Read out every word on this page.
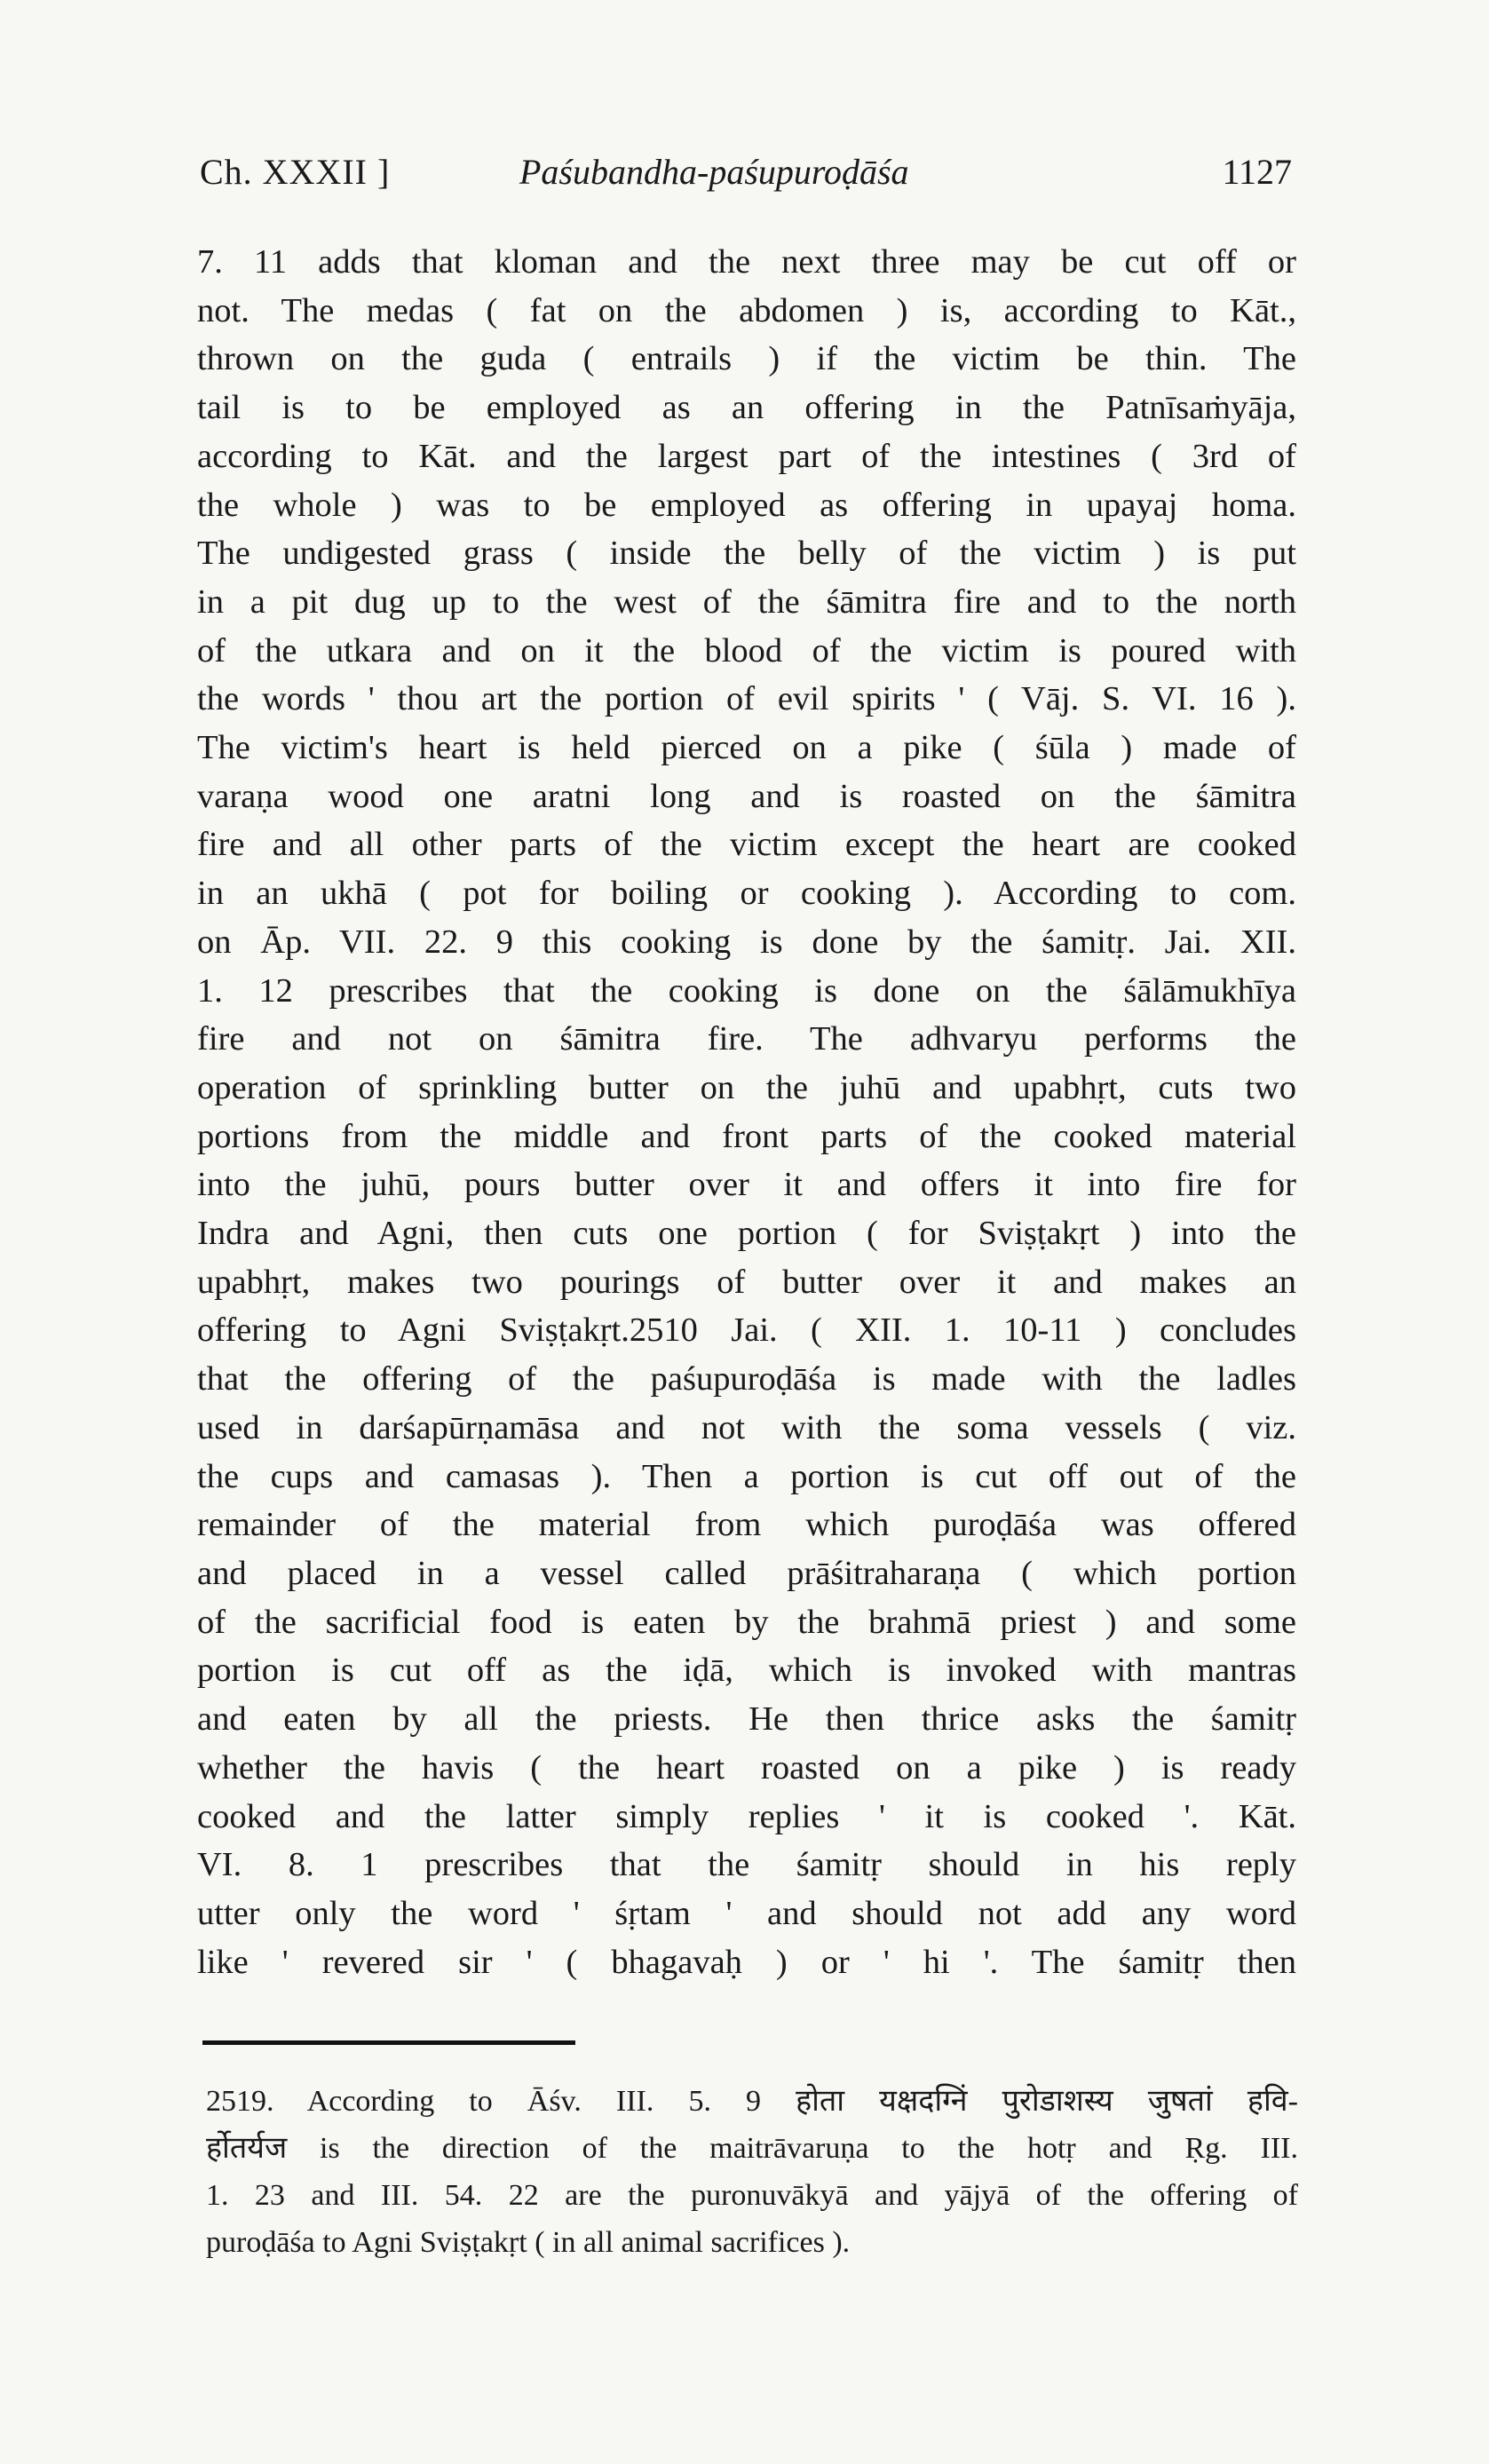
Ch. XXXII ]	Paśubandha-paśupuroḍāśa	1127
7. 11 adds that kloman and the next three may be cut off or
not. The medas ( fat on the abdomen ) is, according to Kāt.,
thrown on the guda ( entrails ) if the victim be thin. The
tail is to be employed as an offering in the Patnīsaṁyāja,
according to Kāt. and the largest part of the intestines ( 3rd of
the whole ) was to be employed as offering in upayaj homa.
The undigested grass ( inside the belly of the victim ) is put
in a pit dug up to the west of the śāmitra fire and to the north
of the utkara and on it the blood of the victim is poured with
the words ' thou art the portion of evil spirits ' ( Vāj. S. VI. 16 ).
The victim's heart is held pierced on a pike ( śūla ) made of
varaṇa wood one aratni long and is roasted on the śāmitra
fire and all other parts of the victim except the heart are cooked
in an ukhā ( pot for boiling or cooking ). According to com.
on Āp. VII. 22. 9 this cooking is done by the śamitṛ. Jai. XII.
1. 12 prescribes that the cooking is done on the śālāmukhīya
fire and not on śāmitra fire. The adhvaryu performs the
operation of sprinkling butter on the juhū and upabhṛt, cuts two
portions from the middle and front parts of the cooked material
into the juhū, pours butter over it and offers it into fire for
Indra and Agni, then cuts one portion ( for Sviṣṭakṛt ) into the
upabhṛt, makes two pourings of butter over it and makes an
offering to Agni Sviṣṭakṛt.2510 Jai. ( XII. 1. 10-11 ) concludes
that the offering of the paśupuroḍāśa is made with the ladles
used in darśapūrṇamāsa and not with the soma vessels ( viz.
the cups and camasas ). Then a portion is cut off out of the
remainder of the material from which puroḍāśa was offered
and placed in a vessel called prāśitraharaṇa ( which portion
of the sacrificial food is eaten by the brahmā priest ) and some
portion is cut off as the iḍā, which is invoked with mantras
and eaten by all the priests. He then thrice asks the śamitṛ
whether the havis ( the heart roasted on a pike ) is ready
cooked and the latter simply replies ' it is cooked '. Kāt.
VI. 8. 1 prescribes that the śamitṛ should in his reply
utter only the word ' śṛtam ' and should not add any word
like ' revered sir ' ( bhagavaḥ ) or ' hi '. The śamitṛ then
2519. According to Āśv. III. 5. 9 होता यक्षदग्निं पुरोडाशस्य जुषतां हवि-
र्होतर्यज is the direction of the maitrāvaruṇa to the hotṛ and Ṛg. III.
1. 23 and III. 54. 22 are the puronuvākyā and yājyā of the offering of
puroḍāśa to Agni Sviṣṭakṛt ( in all animal sacrifices ).
